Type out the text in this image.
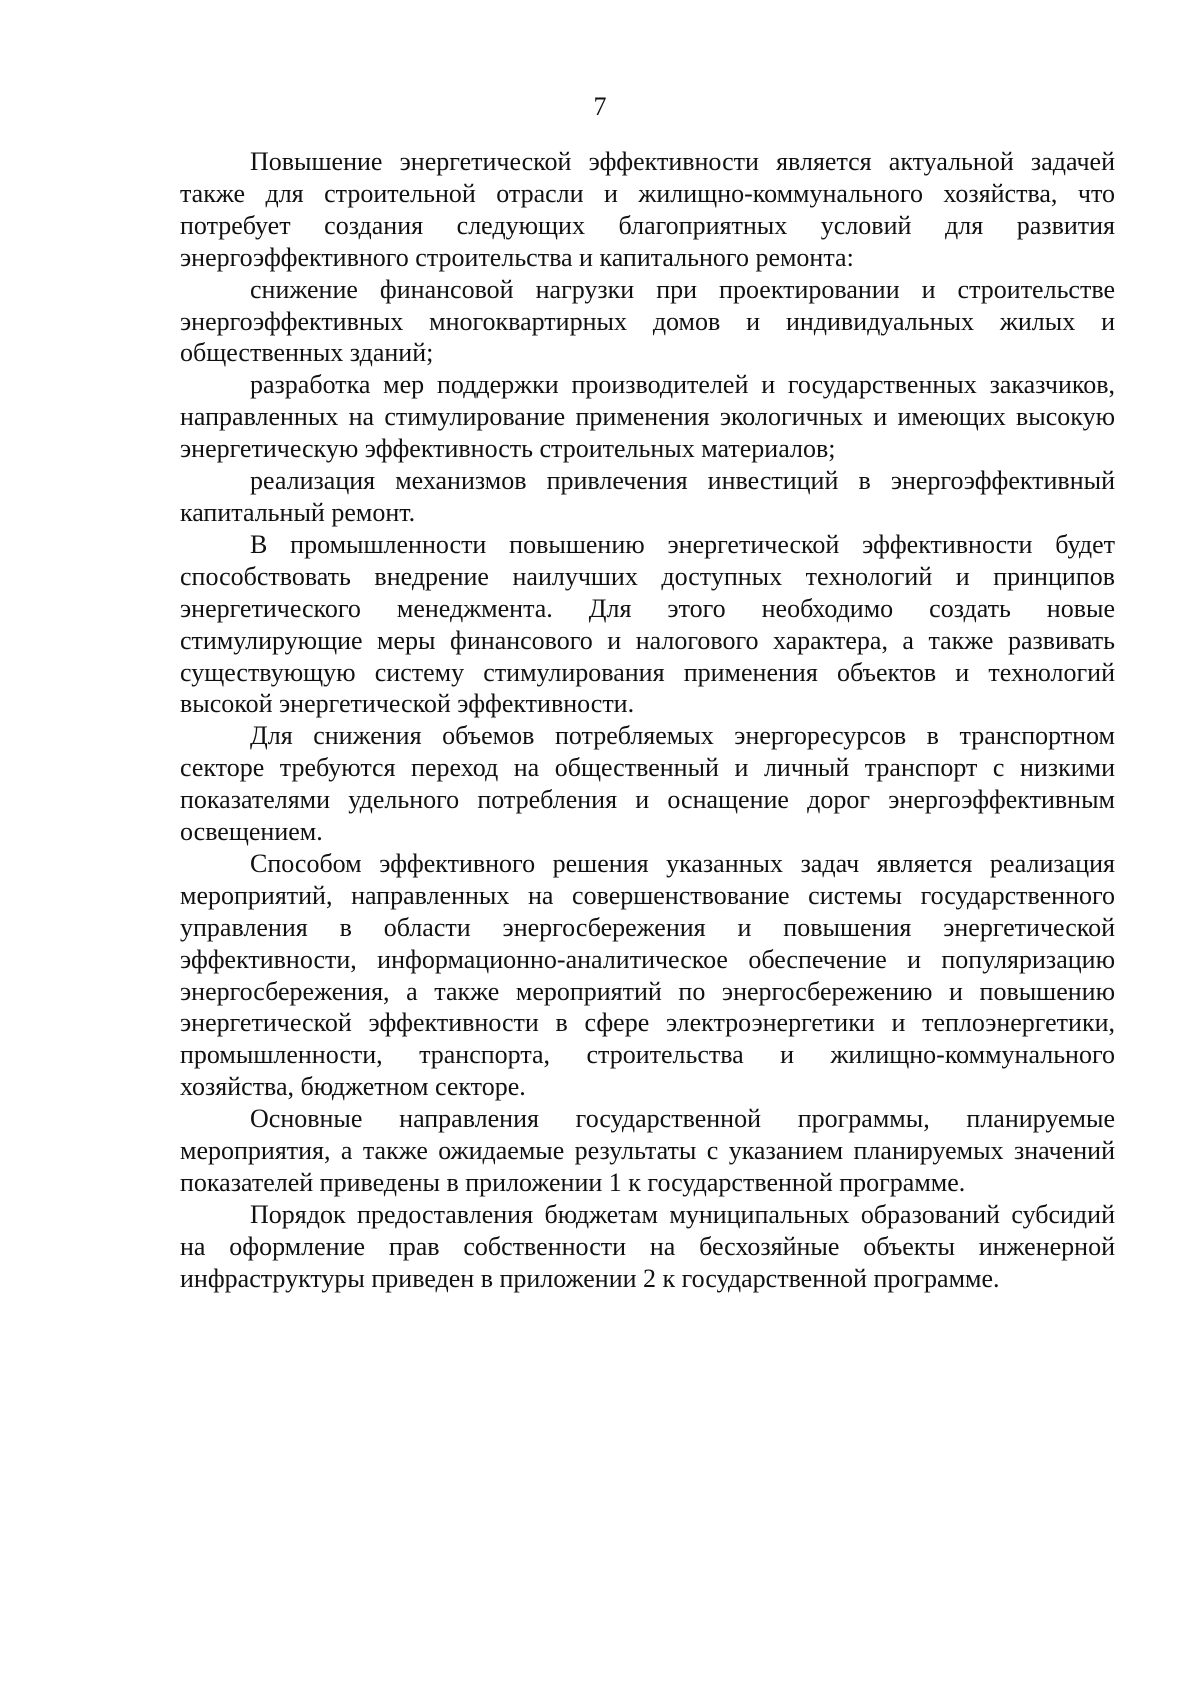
7

Повышение энергетической эффективности является актуальной задачей также для строительной отрасли и жилищно-коммунального хозяйства, что потребует создания следующих благоприятных условий для развития энергоэффективного строительства и капитального ремонта:

снижение финансовой нагрузки при проектировании и строительстве энергоэффективных многоквартирных домов и индивидуальных жилых и общественных зданий;

разработка мер поддержки производителей и государственных заказчиков, направленных на стимулирование применения экологичных и имеющих высокую энергетическую эффективность строительных материалов;

реализация механизмов привлечения инвестиций в энергоэффективный капитальный ремонт.

В промышленности повышению энергетической эффективности будет способствовать внедрение наилучших доступных технологий и принципов энергетического менеджмента. Для этого необходимо создать новые стимулирующие меры финансового и налогового характера, а также развивать существующую систему стимулирования применения объектов и технологий высокой энергетической эффективности.

Для снижения объемов потребляемых энергоресурсов в транспортном секторе требуются переход на общественный и личный транспорт с низкими показателями удельного потребления и оснащение дорог энергоэффективным освещением.

Способом эффективного решения указанных задач является реализация мероприятий, направленных на совершенствование системы государственного управления в области энергосбережения и повышения энергетической эффективности, информационно-аналитическое обеспечение и популяризацию энергосбережения, а также мероприятий по энергосбережению и повышению энергетической эффективности в сфере электроэнергетики и теплоэнергетики, промышленности, транспорта, строительства и жилищно-коммунального хозяйства, бюджетном секторе.

Основные направления государственной программы, планируемые мероприятия, а также ожидаемые результаты с указанием планируемых значений показателей приведены в приложении 1 к государственной программе.

Порядок предоставления бюджетам муниципальных образований субсидий на оформление прав собственности на бесхозяйные объекты инженерной инфраструктуры приведен в приложении 2 к государственной программе.
